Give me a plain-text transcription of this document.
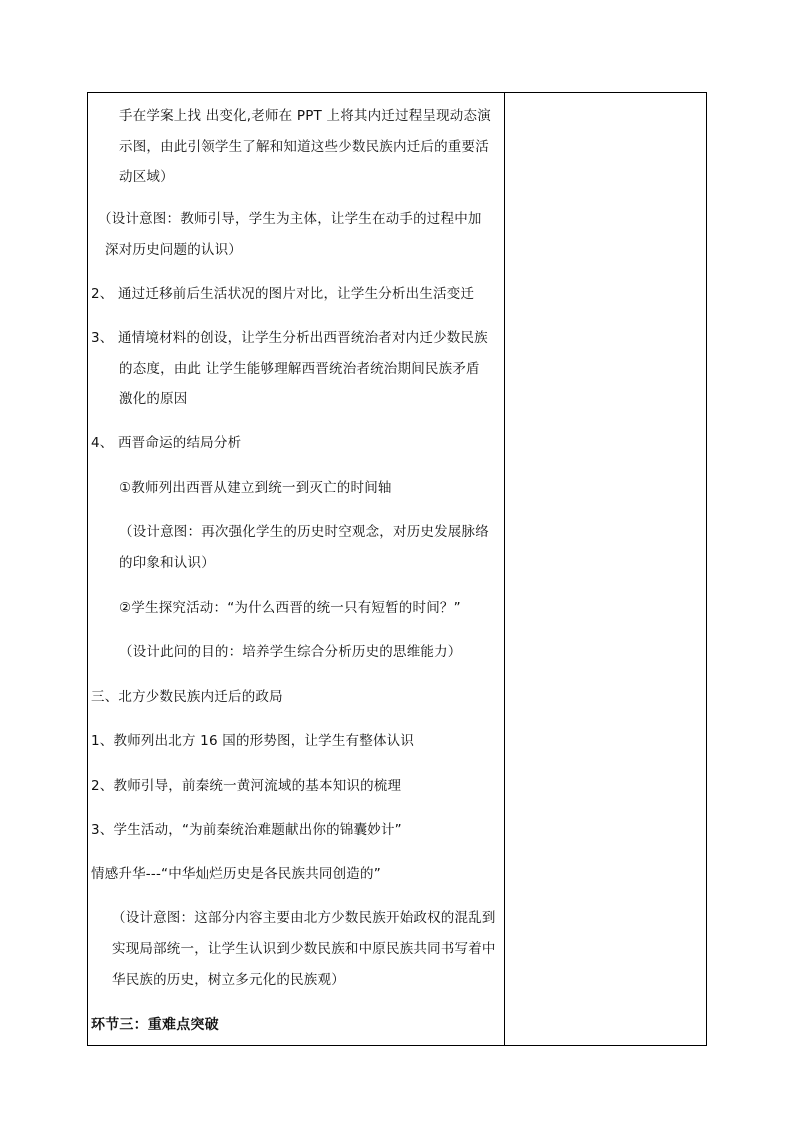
手在学案上找 出变化,老师在 PPT 上将其内迁过程呈现动态演
示图，由此引领学生了解和知道这些少数民族内迁后的重要活
动区域）
（设计意图：教师引导，学生为主体，让学生在动手的过程中加
深对历史问题的认识）
2、 通过迁移前后生活状况的图片对比，让学生分析出生活变迁
3、 通情境材料的创设，让学生分析出西晋统治者对内迁少数民族
的态度，由此 让学生能够理解西晋统治者统治期间民族矛盾
激化的原因
4、 西晋命运的结局分析
①教师列出西晋从建立到统一到灭亡的时间轴
（设计意图：再次强化学生的历史时空观念，对历史发展脉络
的印象和认识）
②学生探究活动：“为什么西晋的统一只有短暂的时间？”
（设计此问的目的：培养学生综合分析历史的思维能力）
三、北方少数民族内迁后的政局
1、教师列出北方 16 国的形势图，让学生有整体认识
2、教师引导，前秦统一黄河流域的基本知识的梳理
3、学生活动，“为前秦统治难题献出你的锦囊妙计”
情感升华---“中华灿烂历史是各民族共同创造的”
（设计意图：这部分内容主要由北方少数民族开始政权的混乱到
实现局部统一，让学生认识到少数民族和中原民族共同书写着中
华民族的历史，树立多元化的民族观）
环节三：重难点突破
